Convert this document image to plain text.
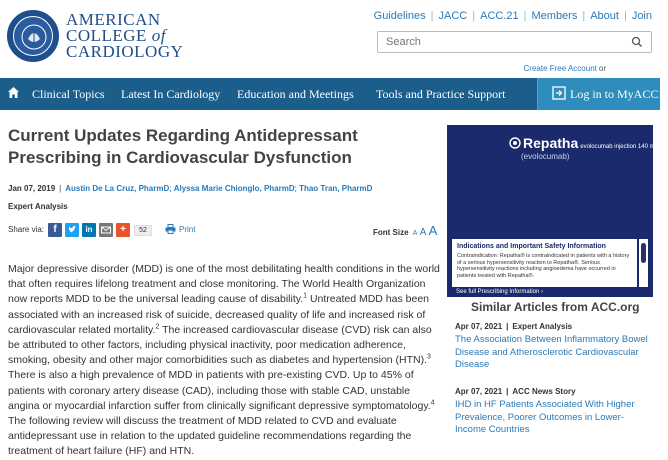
AMERICAN
COLLEGE of
CARDIOLOGY
Guidelines | JACC | ACC.21 | Members | About | Join
Search
Create Free Account or
Clinical Topics Latest In Cardiology Education and Meetings Tools and Practice Support	Log in to MyACC
Current Updates Regarding Antidepressant Prescribing in Cardiovascular Dysfunction
Jan 07, 2019 | Austin De La Cruz, PharmD; Alyssa Marie Chionglo, PharmD; Thao Tran, PharmD
Expert Analysis
Share via: f	in	+	52	Print	Font Size A A A

Major depressive disorder (MDD) is one of the most debilitating health conditions in the world that often requires lifelong treatment and close monitoring. The World Health Organization now reports MDD to be the universal leading cause of disability.$^1$ Untreated MDD has been associated with an increased risk of suicide, decreased quality of life and increased risk of cardiovascular related mortality.$^2$ The increased cardiovascular disease (CVD) risk can also be attributed to other factors, including physical inactivity, poor medication adherence, smoking, obesity and other major comorbidities such as diabetes and hypertension (HTN).$^3$ There is also a high prevalence of MDD in patients with pre-existing CVD. Up to 45% of patients with coronary artery disease (CAD), including those with stable CAD, unstable angina or myocardial infarction suffer from clinically significant depressive symptomatology.$^4$ The following review will discuss the treatment of MDD related to CVD and evaluate antidepressant use in relation to the updated guideline recommendations regarding the treatment of heart failure (HF) and HTN.

Repatha evolocumab injection 140 mg/mL
(evolocumab)
Indications and Important Safety Information
Contraindication: Repatha® is contraindicated in patients with a history of a serious hypersensitivity reaction to Repatha®. Serious hypersensitivity reactions including angioedema have occurred in patients treated with Repatha®.
See full Prescribing Information ›
Similar Articles from ACC.org
Apr 07, 2021 | Expert Analysis
The Association Between Inflammatory Bowel Disease and Atherosclerotic Cardiovascular Disease
Apr 07, 2021 | ACC News Story
IHD in HF Patients Associated With Higher Prevalence, Poorer Outcomes in Lower-Income Countries
